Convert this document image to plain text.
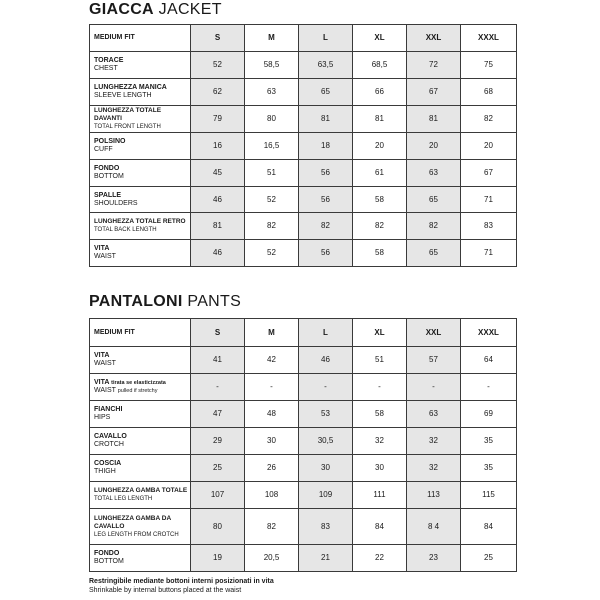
GIACCA JACKET
MEDIUM FIT	S	M	L	XL	XXL	XXXL

TORACE
CHEST	52	58,5	63,5	68,5	72	75

LUNGHEZZA MANICA
SLEEVE LENGTH	62	63	65	66	67	68

LUNGHEZZA TOTALE DAVANTI
TOTAL FRONT LENGTH	79	80	81	81	81	82

POLSINO
CUFF	16	16,5	18	20	20	20

FONDO
BOTTOM	45	51	56	61	63	67

SPALLE
SHOULDERS	46	52	56	58	65	71

LUNGHEZZA TOTALE RETRO
TOTAL BACK LENGTH	81	82	82	82	82	83

VITA
WAIST	46	52	56	58	65	71
PANTALONI PANTS
MEDIUM FIT	S	M	L	XL	XXL	XXXL

VITA
WAIST	41	42	46	51	57	64

VITA tirata se elasticizzata
WAIST pulled if stretchy	-	-	-	-	-	-

FIANCHI
HIPS	47	48	53	58	63	69

CAVALLO
CROTCH	29	30	30,5	32	32	35

COSCIA
THIGH	25	26	30	30	32	35

LUNGHEZZA GAMBA TOTALE
TOTAL LEG LENGTH	107	108	109	111	113	115

LUNGHEZZA GAMBA DA CAVALLO
LEG LENGTH FROM CROTCH	80	82	83	84	8 4	84

FONDO
BOTTOM	19	20,5	21	22	23	25
Restringibile mediante bottoni interni posizionati in vita
Shrinkable by internal buttons placed at the waist
